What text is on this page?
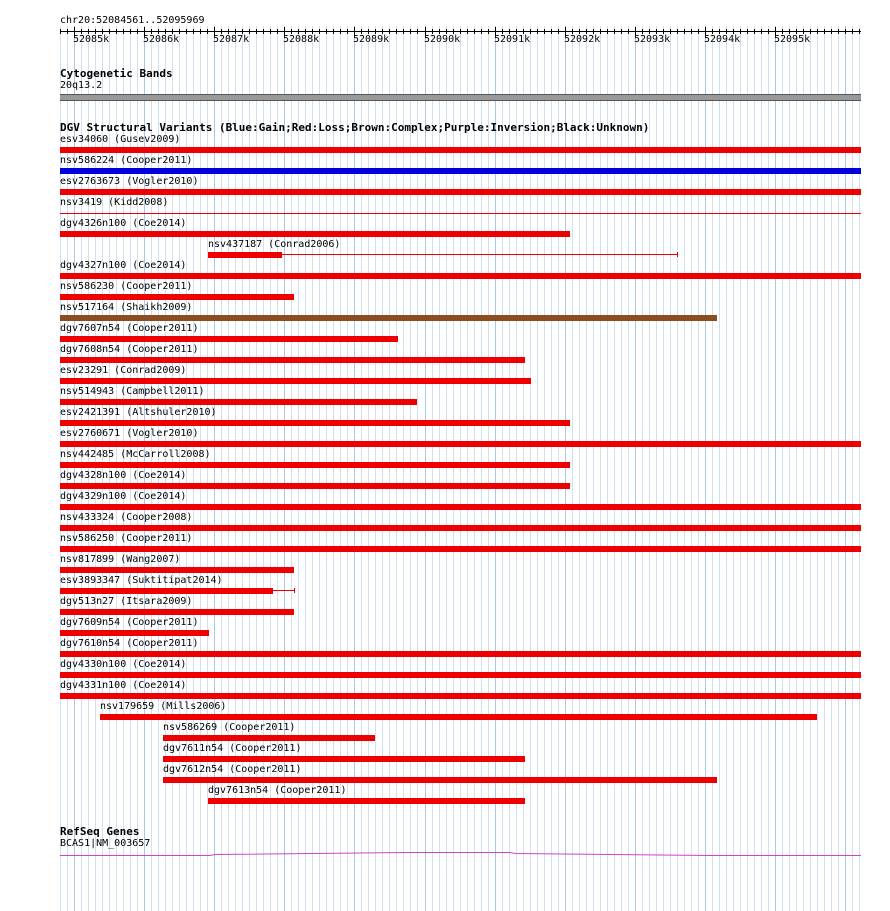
chr20:52084561..52095969
52085k	52086k	52087k	52088k	52089k	52090k	52091k	52092k	52093k	52094k	52095k
Cytogenetic Bands
20q13.2
DGV Structural Variants (Blue:Gain;Red:Loss;Brown:Complex;Purple:Inversion;Black:Unknown)
esv34060 (Gusev2009)
nsv586224 (Cooper2011)
esv2763673 (Vogler2010)
nsv3419 (Kidd2008)
dgv4326n100 (Coe2014)
nsv437187 (Conrad2006)
dgv4327n100 (Coe2014)
nsv586230 (Cooper2011)
nsv517164 (Shaikh2009)
dgv7607n54 (Cooper2011)
dgv7608n54 (Cooper2011)
esv23291 (Conrad2009)
nsv514943 (Campbell2011)
esv2421391 (Altshuler2010)
esv2760671 (Vogler2010)
nsv442485 (McCarroll2008)
dgv4328n100 (Coe2014)
dgv4329n100 (Coe2014)
nsv433324 (Cooper2008)
nsv586250 (Cooper2011)
nsv817899 (Wang2007)
esv3893347 (Suktitipat2014)
dgv513n27 (Itsara2009)
dgv7609n54 (Cooper2011)
dgv7610n54 (Cooper2011)
dgv4330n100 (Coe2014)
dgv4331n100 (Coe2014)
nsv179659 (Mills2006)
nsv586269 (Cooper2011)
dgv7611n54 (Cooper2011)
dgv7612n54 (Cooper2011)
dgv7613n54 (Cooper2011)
RefSeq Genes
BCAS1|NM_003657
